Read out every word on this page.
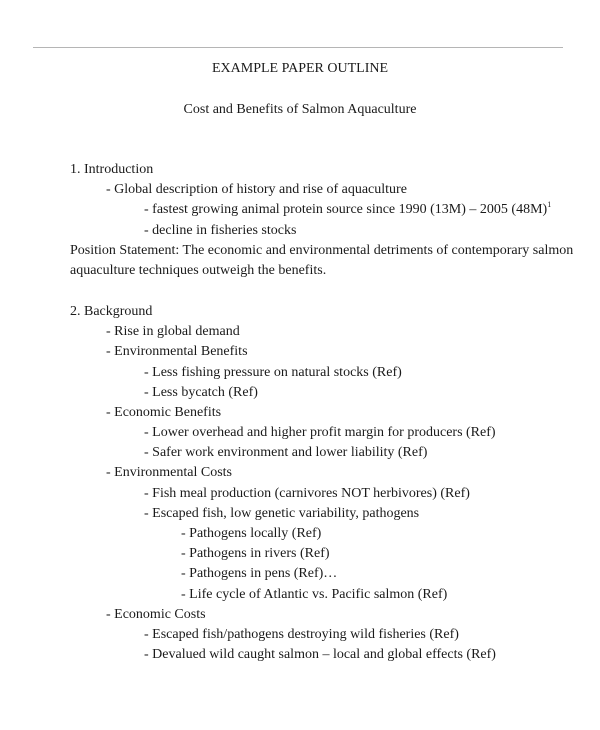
EXAMPLE PAPER OUTLINE
Cost and Benefits of Salmon Aquaculture
1. Introduction
- Global description of history and rise of aquaculture
- fastest growing animal protein source since 1990 (13M) – 2005 $(48M)^1$
- decline in fisheries stocks
Position Statement: The economic and environmental detriments of contemporary salmon
aquaculture techniques outweigh the benefits.
2. Background
- Rise in global demand
- Environmental Benefits
- Less fishing pressure on natural stocks (Ref)
- Less bycatch (Ref)
- Economic Benefits
- Lower overhead and higher profit margin for producers (Ref)
- Safer work environment and lower liability (Ref)
- Environmental Costs
- Fish meal production (carnivores NOT herbivores) (Ref)
- Escaped fish, low genetic variability, pathogens
- Pathogens locally (Ref)
- Pathogens in rivers (Ref)
- Pathogens in pens (Ref)…
- Life cycle of Atlantic vs. Pacific salmon (Ref)
- Economic Costs
- Escaped fish/pathogens destroying wild fisheries (Ref)
- Devalued wild caught salmon – local and global effects (Ref)
